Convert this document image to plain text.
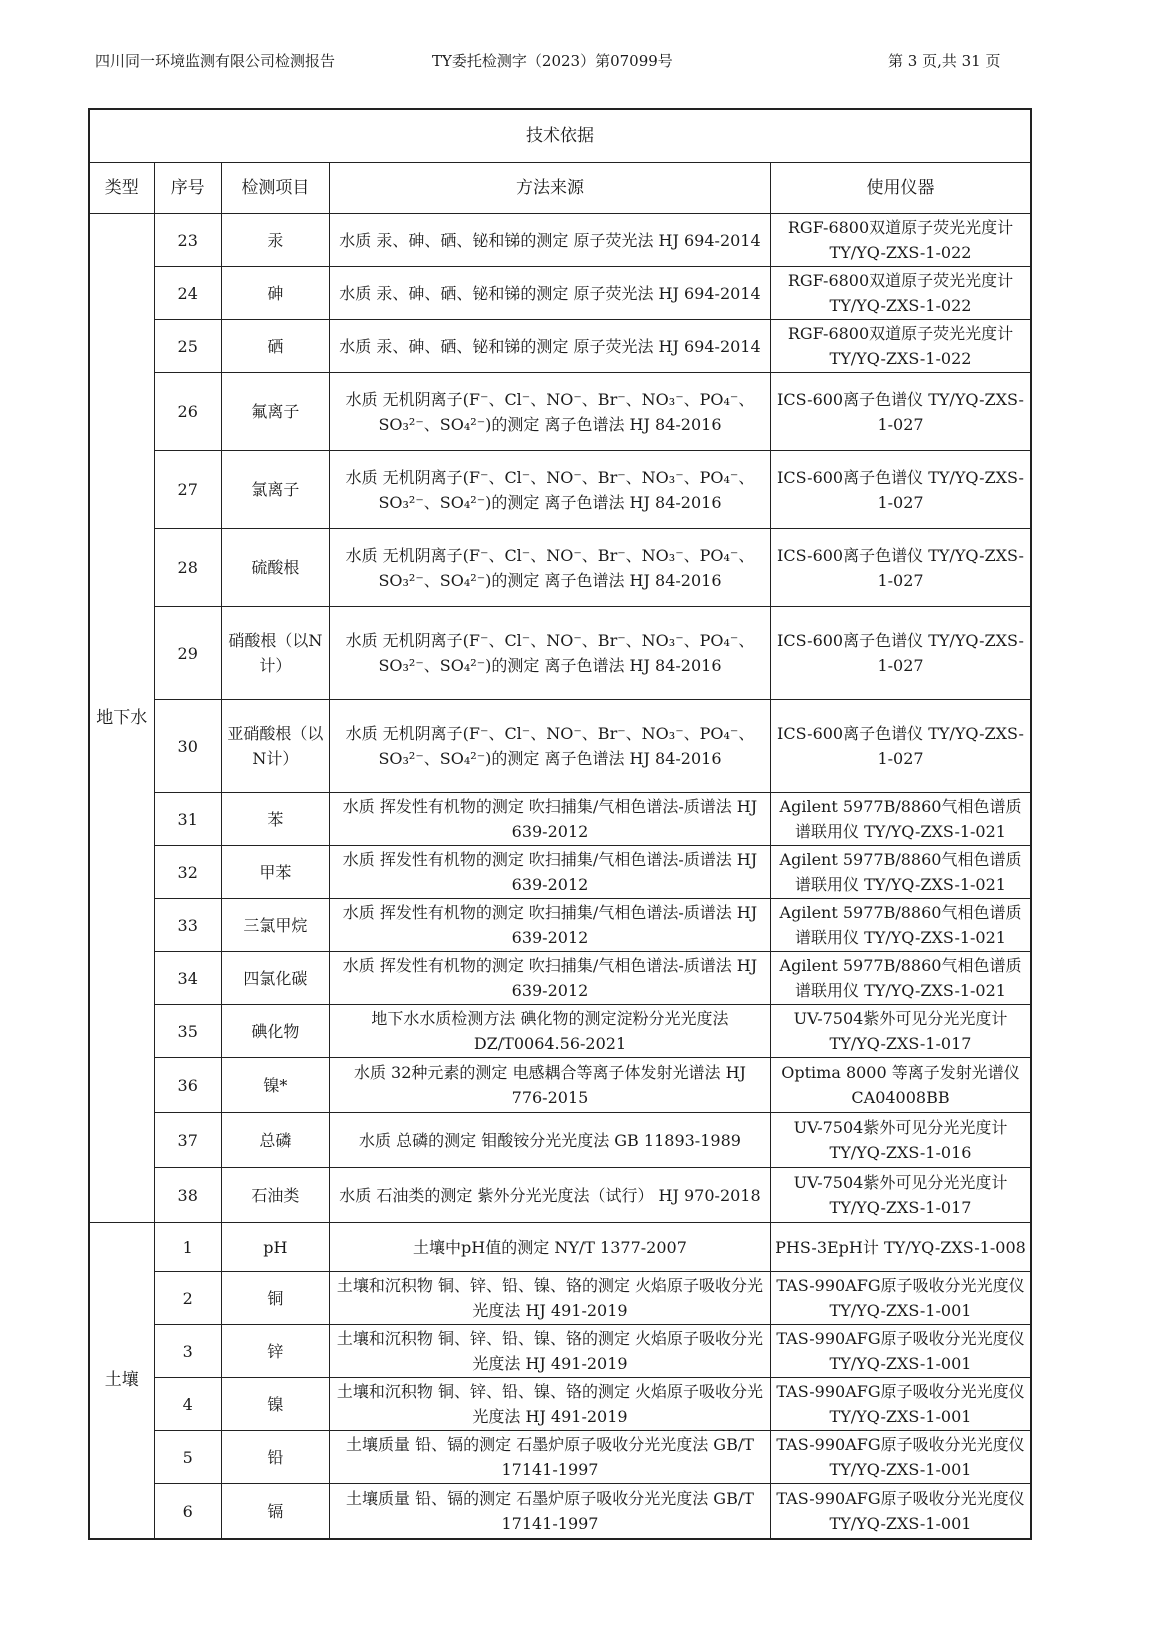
四川同一环境监测有限公司检测报告	TY委托检测字（2023）第07099号	第 3 页,共 31 页
技术依据				
类型	序号	检测项目	方法来源	使用仪器
地下水	23	汞	水质 汞、砷、硒、铋和锑的测定 原子荧光法 HJ 694-2014	RGF-6800双道原子荧光光度计 TY/YQ-ZXS-1-022
	24	砷	水质 汞、砷、硒、铋和锑的测定 原子荧光法 HJ 694-2014	RGF-6800双道原子荧光光度计 TY/YQ-ZXS-1-022
	25	硒	水质 汞、砷、硒、铋和锑的测定 原子荧光法 HJ 694-2014	RGF-6800双道原子荧光光度计 TY/YQ-ZXS-1-022
	26	氟离子	水质 无机阴离子(F⁻、Cl⁻、NO⁻、Br⁻、NO₃⁻、PO₄⁻、SO₃²⁻、SO₄²⁻)的测定 离子色谱法 HJ 84-2016	ICS-600离子色谱仪 TY/YQ-ZXS-1-027
	27	氯离子	水质 无机阴离子(F⁻、Cl⁻、NO⁻、Br⁻、NO₃⁻、PO₄⁻、SO₃²⁻、SO₄²⁻)的测定 离子色谱法 HJ 84-2016	ICS-600离子色谱仪 TY/YQ-ZXS-1-027
	28	硫酸根	水质 无机阴离子(F⁻、Cl⁻、NO⁻、Br⁻、NO₃⁻、PO₄⁻、SO₃²⁻、SO₄²⁻)的测定 离子色谱法 HJ 84-2016	ICS-600离子色谱仪 TY/YQ-ZXS-1-027
	29	硝酸根（以N计）	水质 无机阴离子(F⁻、Cl⁻、NO⁻、Br⁻、NO₃⁻、PO₄⁻、SO₃²⁻、SO₄²⁻)的测定 离子色谱法 HJ 84-2016	ICS-600离子色谱仪 TY/YQ-ZXS-1-027
	30	亚硝酸根（以N计）	水质 无机阴离子(F⁻、Cl⁻、NO⁻、Br⁻、NO₃⁻、PO₄⁻、SO₃²⁻、SO₄²⁻)的测定 离子色谱法 HJ 84-2016	ICS-600离子色谱仪 TY/YQ-ZXS-1-027
	31	苯	水质 挥发性有机物的测定 吹扫捕集/气相色谱法-质谱法 HJ 639-2012	Agilent 5977B/8860气相色谱质谱联用仪 TY/YQ-ZXS-1-021
	32	甲苯	水质 挥发性有机物的测定 吹扫捕集/气相色谱法-质谱法 HJ 639-2012	Agilent 5977B/8860气相色谱质谱联用仪 TY/YQ-ZXS-1-021
	33	三氯甲烷	水质 挥发性有机物的测定 吹扫捕集/气相色谱法-质谱法 HJ 639-2012	Agilent 5977B/8860气相色谱质谱联用仪 TY/YQ-ZXS-1-021
	34	四氯化碳	水质 挥发性有机物的测定 吹扫捕集/气相色谱法-质谱法 HJ 639-2012	Agilent 5977B/8860气相色谱质谱联用仪 TY/YQ-ZXS-1-021
	35	碘化物	地下水水质检测方法 碘化物的测定淀粉分光光度法 DZ/T0064.56-2021	UV-7504紫外可见分光光度计 TY/YQ-ZXS-1-017
	36	镍*	水质 32种元素的测定 电感耦合等离子体发射光谱法 HJ 776-2015	Optima 8000 等离子发射光谱仪 CA04008BB
	37	总磷	水质 总磷的测定 钼酸铵分光光度法 GB 11893-1989	UV-7504紫外可见分光光度计 TY/YQ-ZXS-1-016
	38	石油类	水质 石油类的测定 紫外分光光度法（试行） HJ 970-2018	UV-7504紫外可见分光光度计 TY/YQ-ZXS-1-017
土壤	1	pH	土壤中pH值的测定 NY/T 1377-2007	PHS-3EpH计 TY/YQ-ZXS-1-008
	2	铜	土壤和沉积物 铜、锌、铅、镍、铬的测定 火焰原子吸收分光光度法 HJ 491-2019	TAS-990AFG原子吸收分光光度仪 TY/YQ-ZXS-1-001
	3	锌	土壤和沉积物 铜、锌、铅、镍、铬的测定 火焰原子吸收分光光度法 HJ 491-2019	TAS-990AFG原子吸收分光光度仪 TY/YQ-ZXS-1-001
	4	镍	土壤和沉积物 铜、锌、铅、镍、铬的测定 火焰原子吸收分光光度法 HJ 491-2019	TAS-990AFG原子吸收分光光度仪 TY/YQ-ZXS-1-001
	5	铅	土壤质量 铅、镉的测定 石墨炉原子吸收分光光度法 GB/T 17141-1997	TAS-990AFG原子吸收分光光度仪 TY/YQ-ZXS-1-001
	6	镉	土壤质量 铅、镉的测定 石墨炉原子吸收分光光度法 GB/T 17141-1997	TAS-990AFG原子吸收分光光度仪 TY/YQ-ZXS-1-001
